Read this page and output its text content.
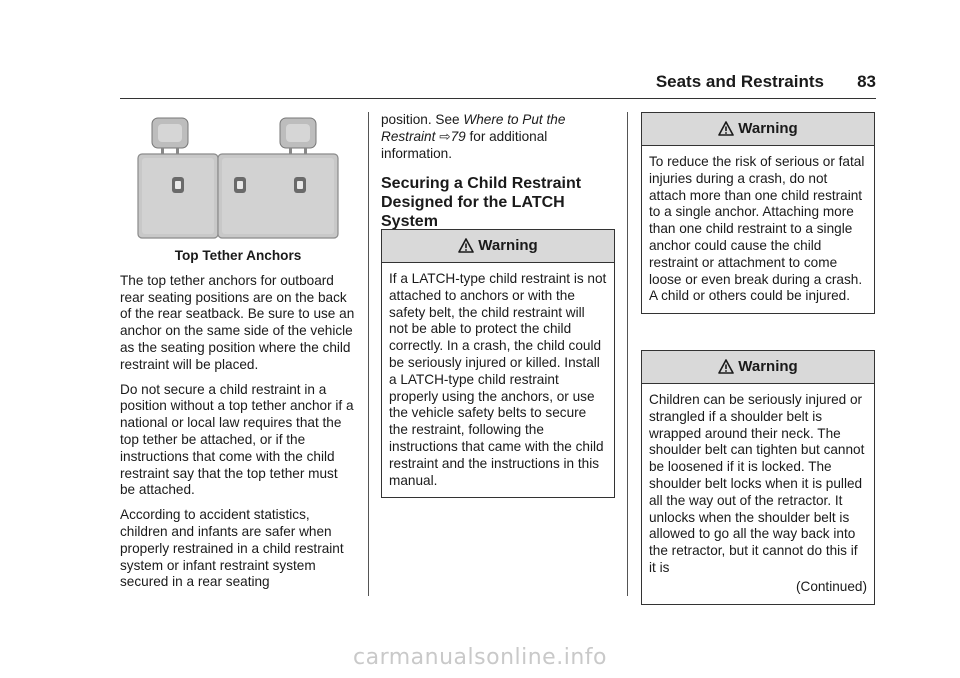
Seats and Restraints 83
Top Tether Anchors

The top tether anchors for outboard rear seating positions are on the back of the rear seatback. Be sure to use an anchor on the same side of the vehicle as the seating position where the child restraint will be placed.

Do not secure a child restraint in a position without a top tether anchor if a national or local law requires that the top tether be attached, or if the instructions that come with the child restraint say that the top tether must be attached.

According to accident statistics, children and infants are safer when properly restrained in a child restraint system or infant restraint system secured in a rear seating

position. See Where to Put the Restraint ⇨79 for additional information.

Securing a Child Restraint Designed for the LATCH System
Warning
If a LATCH-type child restraint is not attached to anchors or with the safety belt, the child restraint will not be able to protect the child correctly. In a crash, the child could be seriously injured or killed. Install a LATCH-type child restraint properly using the anchors, or use the vehicle safety belts to secure the restraint, following the instructions that came with the child restraint and the instructions in this manual.
Warning
To reduce the risk of serious or fatal injuries during a crash, do not attach more than one child restraint to a single anchor. Attaching more than one child restraint to a single anchor could cause the child restraint or attachment to come loose or even break during a crash. A child or others could be injured.
Warning
Children can be seriously injured or strangled if a shoulder belt is wrapped around their neck. The shoulder belt can tighten but cannot be loosened if it is locked. The shoulder belt locks when it is pulled all the way out of the retractor. It unlocks when the shoulder belt is allowed to go all the way back into the retractor, but it cannot do this if it is
(Continued)
carmanualsonline.info
